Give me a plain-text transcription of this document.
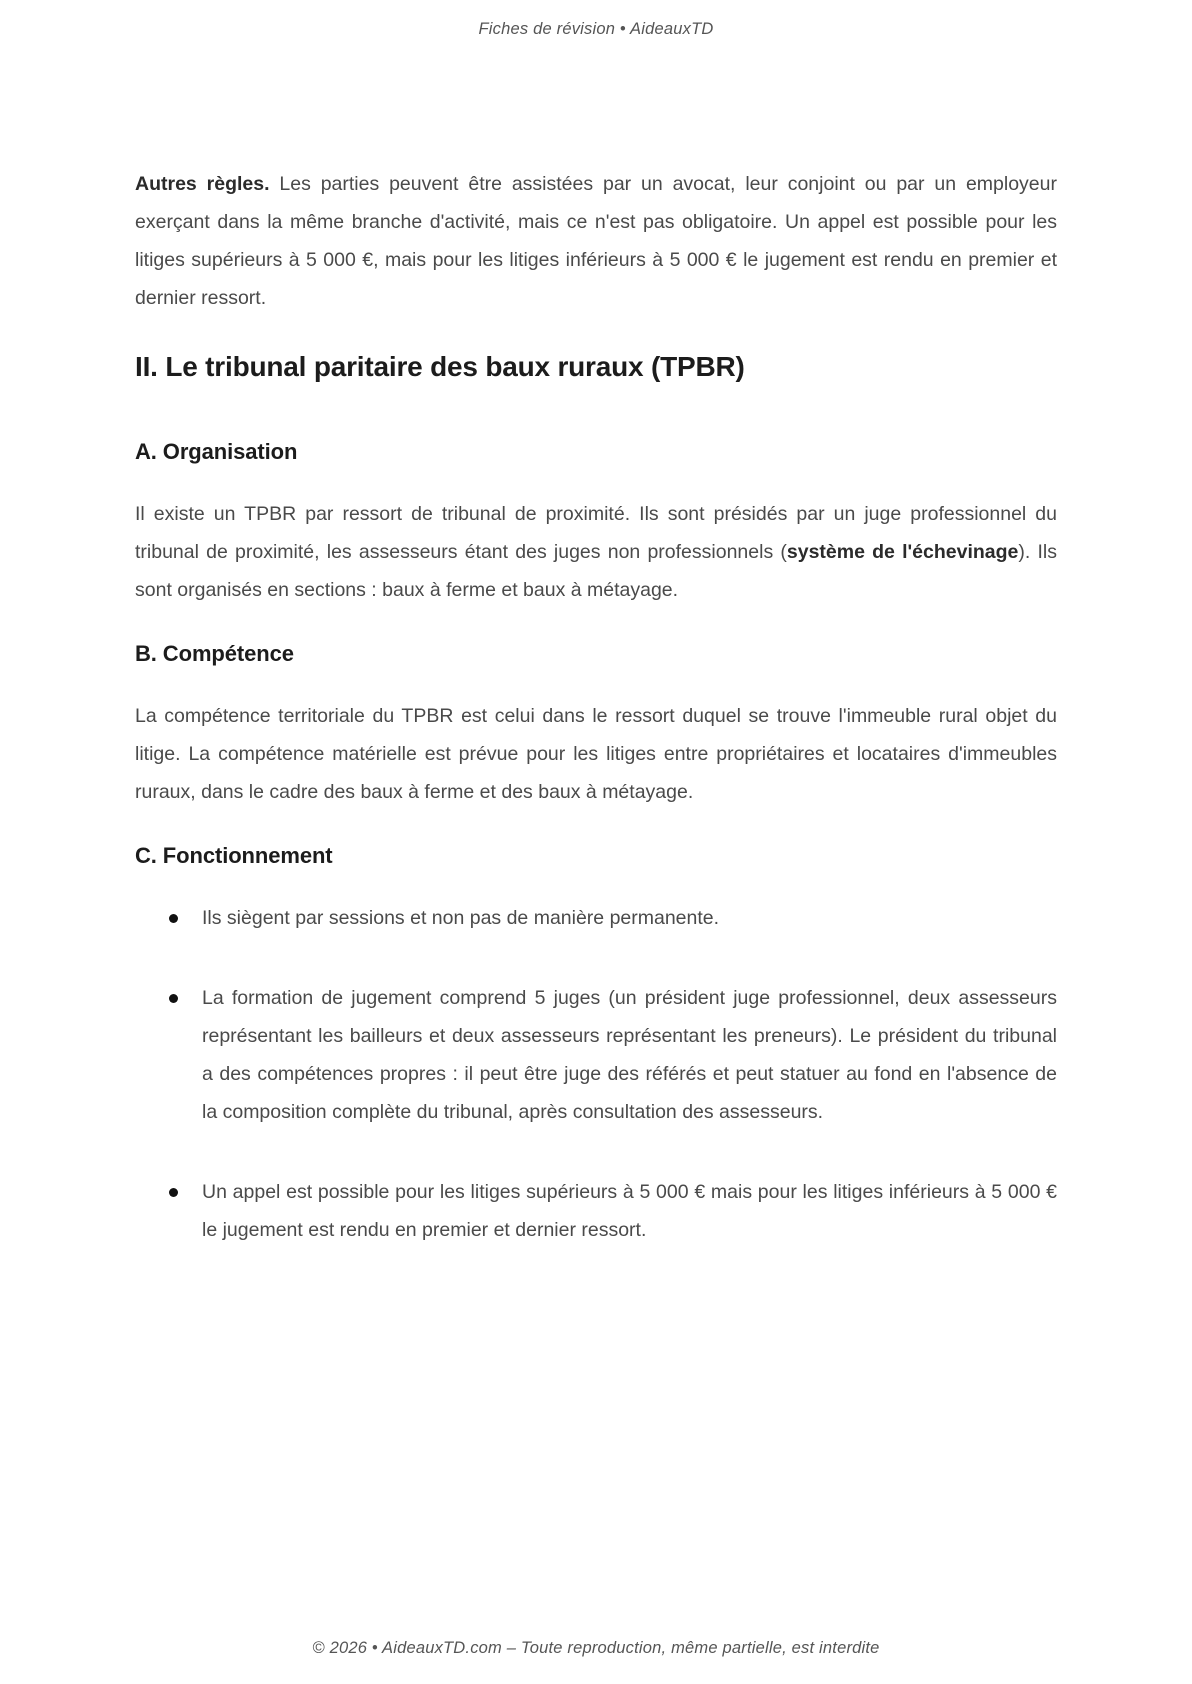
Fiches de révision • AideauxTD

Autres règles. Les parties peuvent être assistées par un avocat, leur conjoint ou par un employeur exerçant dans la même branche d'activité, mais ce n'est pas obligatoire. Un appel est possible pour les litiges supérieurs à 5 000 €, mais pour les litiges inférieurs à 5 000 € le jugement est rendu en premier et dernier ressort.

II. Le tribunal paritaire des baux ruraux (TPBR)
A. Organisation

Il existe un TPBR par ressort de tribunal de proximité. Ils sont présidés par un juge professionnel du tribunal de proximité, les assesseurs étant des juges non professionnels (système de l'échevinage). Ils sont organisés en sections : baux à ferme et baux à métayage.

B. Compétence

La compétence territoriale du TPBR est celui dans le ressort duquel se trouve l'immeuble rural objet du litige. La compétence matérielle est prévue pour les litiges entre propriétaires et locataires d'immeubles ruraux, dans le cadre des baux à ferme et des baux à métayage.

C. Fonctionnement
Ils siègent par sessions et non pas de manière permanente.
La formation de jugement comprend 5 juges (un président juge professionnel, deux assesseurs représentant les bailleurs et deux assesseurs représentant les preneurs). Le président du tribunal a des compétences propres : il peut être juge des référés et peut statuer au fond en l'absence de la composition complète du tribunal, après consultation des assesseurs.
Un appel est possible pour les litiges supérieurs à 5 000 € mais pour les litiges inférieurs à 5 000 € le jugement est rendu en premier et dernier ressort.
© 2026 • AideauxTD.com – Toute reproduction, même partielle, est interdite
